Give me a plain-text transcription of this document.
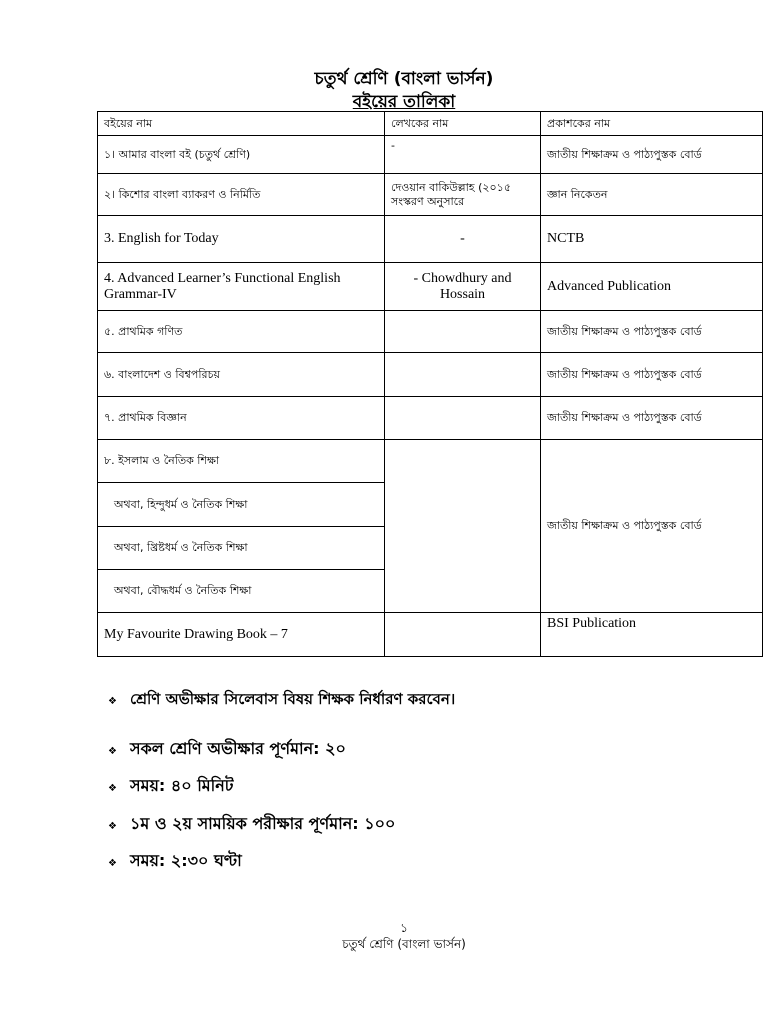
চতুর্থ শ্রেণি (বাংলা ভার্সন)
বইয়ের তালিকা
বইয়ের নাম	লেখকের নাম	প্রকাশকের নাম
১। আমার বাংলা বই (চতুর্থ শ্রেণি)	-	জাতীয় শিক্ষাক্রম ও পাঠ্যপুস্তক বোর্ড
২। কিশোর বাংলা ব্যাকরণ ও নির্মিতি	দেওয়ান বাকিউল্লাহ (২০১৫ সংস্করণ অনুসারে	জ্ঞান নিকেতন
3. English for Today	-	NCTB
4. Advanced Learner’s Functional English Grammar-IV	- Chowdhury and Hossain	Advanced Publication
৫. প্রাথমিক গণিত		জাতীয় শিক্ষাক্রম ও পাঠ্যপুস্তক বোর্ড
৬. বাংলাদেশ ও বিশ্বপরিচয়		জাতীয় শিক্ষাক্রম ও পাঠ্যপুস্তক বোর্ড
৭. প্রাথমিক বিজ্ঞান		জাতীয় শিক্ষাক্রম ও পাঠ্যপুস্তক বোর্ড
৮. ইসলাম ও নৈতিক শিক্ষা		জাতীয় শিক্ষাক্রম ও পাঠ্যপুস্তক বোর্ড
অথবা, হিন্দুধর্ম ও নৈতিক শিক্ষা		
অথবা, খ্রিষ্টধর্ম ও নৈতিক শিক্ষা		
অথবা, বৌদ্ধধর্ম ও নৈতিক শিক্ষা		
My Favourite Drawing Book – 7		BSI Publication
❖ শ্রেণি অভীক্ষার সিলেবাস বিষয় শিক্ষক নির্ধারণ করবেন।
❖ সকল শ্রেণি অভীক্ষার পূর্ণমান: ২০
❖ সময়: ৪০ মিনিট
❖ ১ম ও ২য় সাময়িক পরীক্ষার পূর্ণমান: ১০০
❖ সময়: ২:৩০ ঘণ্টা
১
চতুর্থ শ্রেণি (বাংলা ভার্সন)
